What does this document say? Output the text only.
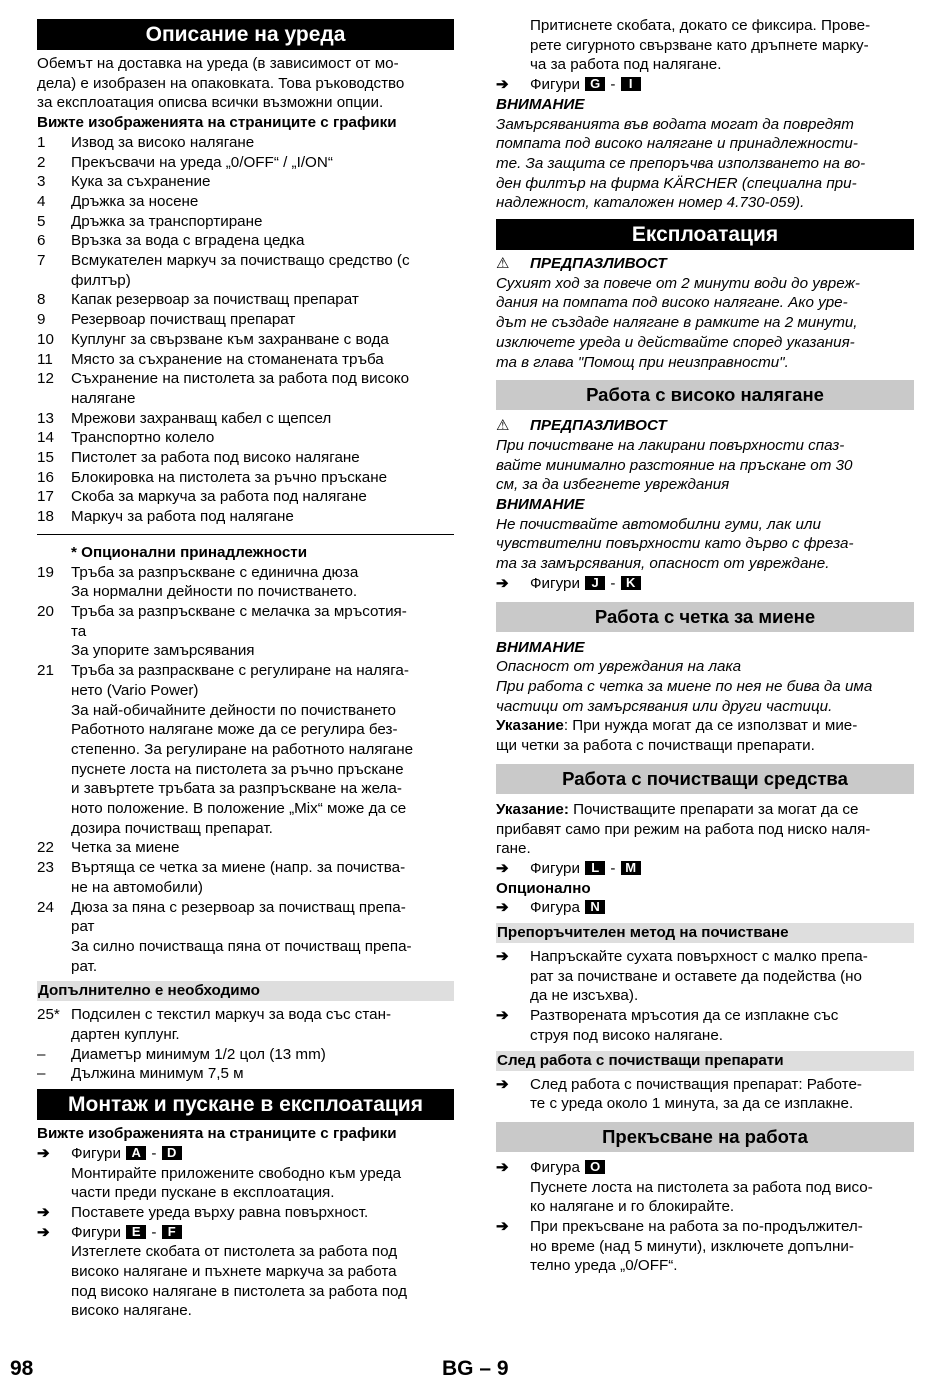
Описание на уреда

Обемът на доставка на уреда (в зависимост от мо-

дела) е изобразен на опаковката. Това ръководство

за експлоатация описва всички възможни опции.

Вижте изображенията на страниците с графики

1	Извод за високо налягане
2	Прекъсвачи на уреда „0/OFF“ / „I/ON“
3	Кука за съхранение
4	Дръжка за носене
5	Дръжка за транспортиране
6	Връзка за вода с вградена цедка
7	Всмукателен маркуч за почистващо средство (с
филтър)
8	Капак резервоар за почистващ препарат
9	Резервоар почистващ препарат
10	Куплунг за свързване към захранване с вода
11	Място за съхранение на стоманената тръба
12	Съхранение на пистолета за работа под високо
налягане
13	Мрежови захранващ кабел с щепсел
14	Транспортно колело
15	Пистолет за работа под високо налягане
16	Блокировка на пистолета за ръчно пръскане
17	Скоба за маркуча за работа под налягане
18	Маркуч за работа под налягане

* Опционални принадлежности

19	Тръба за разпръскване с единична дюза
За нормални дейности по почистването.
20	Тръба за разпръскване с мелачка за мръсотия-
та
За упорите замърсявания
21	Тръба за разпраскване с регулиране на наляга-
нето (Vario Power)
За най-обичайните дейности по почистването
Работното налягане може да се регулира без-
степенно. За регулиране на работното налягане
пуснете лоста на пистолета за ръчно пръскане
и завъртете тръбата за разпръскване на жела-
ното положение. В положение „Mix“ може да се
дозира почистващ препарат.
22	Четка за миене
23	Въртяща се четка за миене (напр. за почиства-
не на автомобили)
24	Дюза за пяна с резервоар за почистващ препа-
рат
За силно почистваща пяна от почистващ препа-
рат.
Допълнително е необходимо
25* Подсилен с текстил маркуч за вода със стан-
дартен куплунг.
–	Диаметър минимум 1/2 цол (13 mm)
–	Дължина минимум 7,5 м
Монтаж и пускане в експлоатация

Вижте изображенията на страниците с графики

➔	Фигури A - D
Монтирайте приложените свободно към уреда
части преди пускане в експлоатация.
➔	Поставете уреда върху равна повърхност.
➔	Фигури E - F
Изтеглете скобата от пистолета за работа под
високо налягане и пъхнете маркуча за работа
под високо налягане в пистолета за работа под
високо налягане.
Притиснете скобата, докато се фиксира. Прове-
рете сигурното свързване като дръпнете марку-
ча за работа под налягане.
➔	Фигури G - I

ВНИМАНИЕ

Замърсяванията във водата могат да повредят

помпата под високо налягане и принадлежности-

те. За защита се препоръчва използването на во-

ден филтър на фирма KÄRCHER (специална при-

надлежност, каталожен номер 4.730-059).

Експлоатация
⚠	ПРЕДПАЗЛИВОСТ

Сухият ход за повече от 2 минути води до увреж-

дания на помпата под високо налягане. Ако уре-

дът не създаде налягане в рамките на 2 минути,

изключете уреда и действайте според указания-

та в глава "Помощ при неизправности".

Работа с високо налягане
⚠	ПРЕДПАЗЛИВОСТ

При почистване на лакирани повърхности спаз-

вайте минимално разстояние на пръскане от 30

см, за да избегнете увреждания

ВНИМАНИЕ

Не почиствайте автомобилни гуми, лак или

чувствителни повърхности като дърво с фреза-

та за замърсявания, опасност от увреждане.

➔	Фигури J - K
Работа с четка за миене

ВНИМАНИЕ

Опасност от увреждания на лака

При работа с четка за миене по нея не бива да има

частици от замърсявания или други частици.

Указание: При нужда могат да се използват и мие-

щи четки за работа с почистващи препарати.

Работа с почистващи средства

Указание: Почистващите препарати за могат да се

прибавят само при режим на работа под ниско наля-

гане.

➔	Фигури L - M

Опционално

➔	Фигура N
Препоръчителен метод на почистване
➔	Напръскайте сухата повърхност с малко препа-
рат за почистване и оставете да подейства (но
да не изсъхва).
➔	Разтворената мръсотия да се изплакне със
струя под високо налягане.
След работа с почистващи препарати
➔	След работа с почистващия препарат: Работе-
те с уреда около 1 минута, за да се изплакне.
Прекъсване на работа
➔	Фигура O
Пуснете лоста на пистолета за работа под висо-
ко налягане и го блокирайте.
➔	При прекъсване на работа за по-продължител-
но време (над 5 минути), изключете допълни-
телно уреда „0/OFF“.
98	BG – 9
